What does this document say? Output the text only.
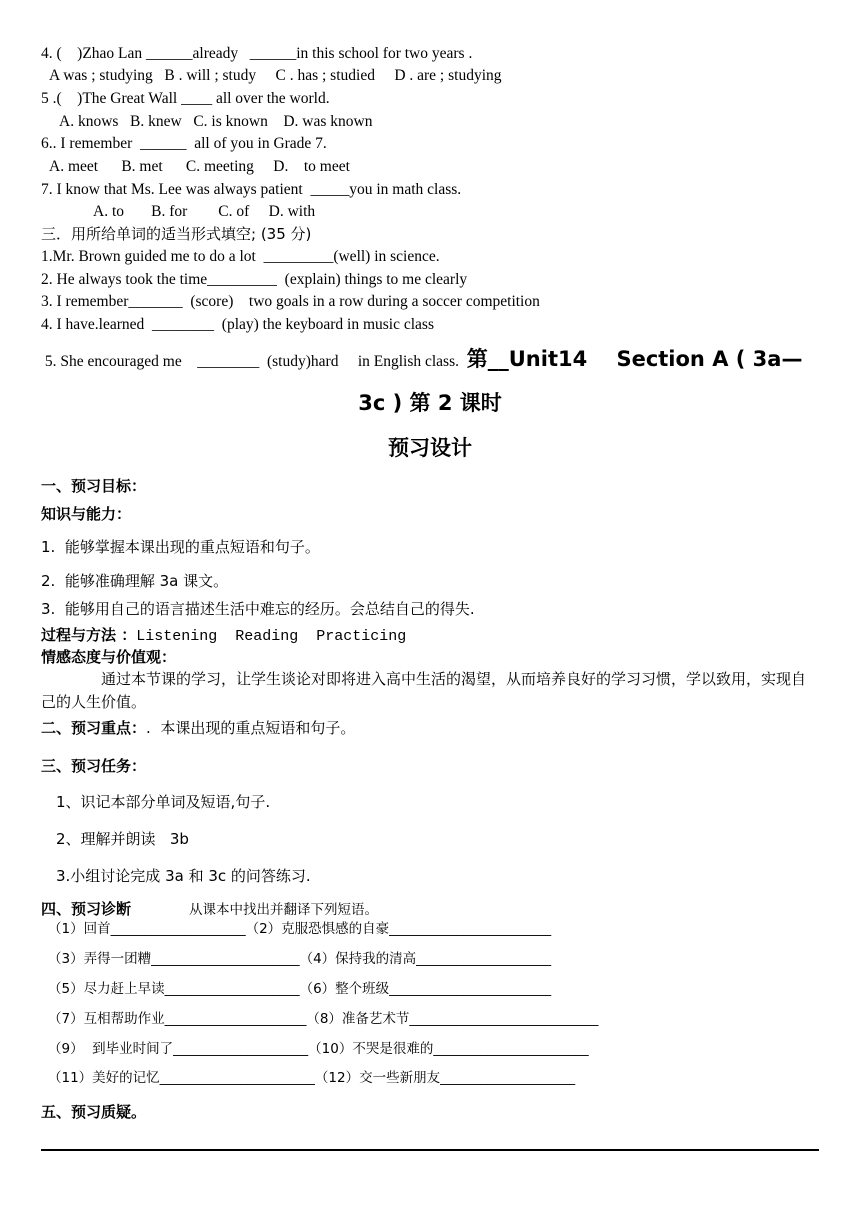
4. (    )Zhao Lan ______already   ______in this school for two years .
A was ; studying   B . will ; study     C . has ; studied     D . are ; studying
5 .(    )The Great Wall ____ all over the world.
A. knows   B. knew   C. is known    D. was known
6.. I remember  ______  all of you in Grade 7.
A. meet      B. met      C. meeting     D.    to meet
7. I know that Ms. Lee was always patient  _____you in math class.
A. to       B. for        C. of     D. with
三．用所给单词的适当形式填空; (35 分)
1.Mr. Brown guided me to do a lot  _________(well) in science.
2. He always took the time_________  (explain) things to me clearly
3. I remember_______  (score)    two goals in a row during a soccer competition
4. I have.learned  ________  (play) the keyboard in music class
5. She encouraged me    ________  (study)hard     in English class.  第__Unit14    Section A ( 3a—
3c ) 第 2 课时
预习设计
一、预习目标：
知识与能力：
1.  能够掌握本课出现的重点短语和句子。
2.  能够准确理解 3a 课文。
3.  能够用自己的语言描述生活中难忘的经历。会总结自己的得失.
过程与方法 ：Listening  Reading  Practicing
情感态度与价值观：
通过本节课的学习，让学生谈论对即将进入高中生活的渴望，从而培养良好的学习习惯，学以致用，实现自己的人生价值。
二、预习重点：.  本课出现的重点短语和句子。
三、预习任务：
1、识记本部分单词及短语,句子.
2、理解并朗读   3b
3.小组讨论完成 3a 和 3c 的问答练习.
四、预习诊断	从课本中找出并翻译下列短语。
（1）回首____________________（2）克服恐惧感的自豪________________________
（3）弄得一团糟______________________（4）保持我的清高____________________
（5）尽力赶上早读____________________（6）整个班级________________________
（7）互相帮助作业_____________________（8）准备艺术节____________________________
（9）  到毕业时间了____________________（10）不哭是很难的_______________________
（11）美好的记忆_______________________（12）交一些新朋友____________________
五、预习质疑。
